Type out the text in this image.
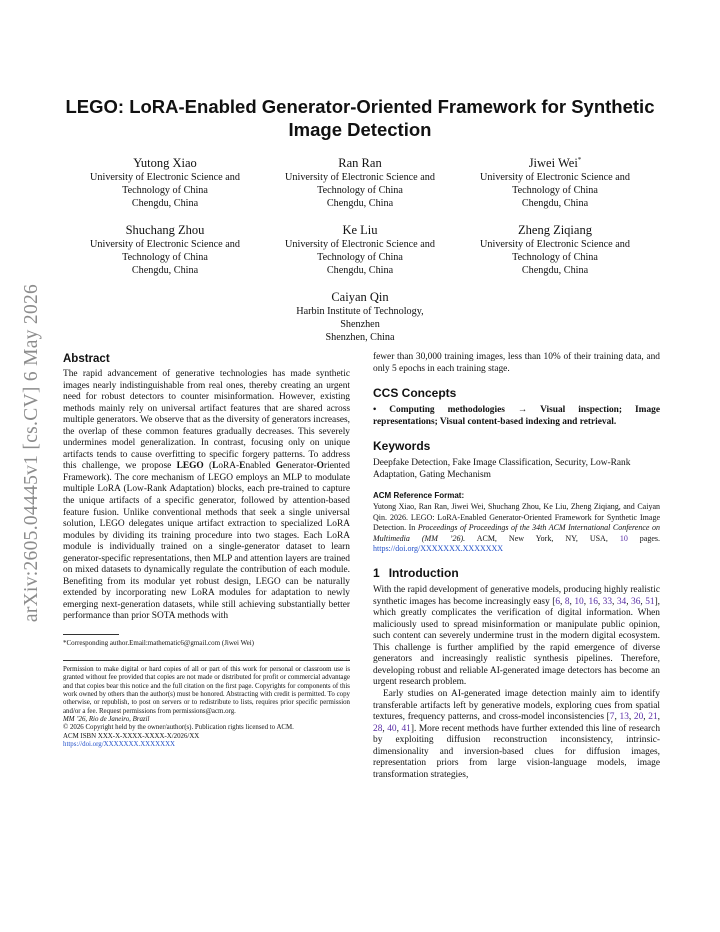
arXiv:2605.04445v1 [cs.CV] 6 May 2026
LEGO: LoRA-Enabled Generator-Oriented Framework for Synthetic Image Detection
Yutong Xiao
University of Electronic Science and Technology of China
Chengdu, China
Ran Ran
University of Electronic Science and Technology of China
Chengdu, China
Jiwei Wei*
University of Electronic Science and Technology of China
Chengdu, China
Shuchang Zhou
University of Electronic Science and Technology of China
Chengdu, China
Ke Liu
University of Electronic Science and Technology of China
Chengdu, China
Zheng Ziqiang
University of Electronic Science and Technology of China
Chengdu, China
Caiyan Qin
Harbin Institute of Technology, Shenzhen
Shenzhen, China
Abstract

The rapid advancement of generative technologies has made synthetic images nearly indistinguishable from real ones, thereby creating an urgent need for robust detectors to counter misinformation. However, existing methods mainly rely on universal artifact features that are shared across multiple generators. We observe that as the diversity of generators increases, the overlap of these common features gradually decreases. This severely undermines model generalization. In contrast, focusing only on unique artifacts tends to cause overfitting to specific forgery patterns. To address this challenge, we propose LEGO (LoRA-Enabled Generator-Oriented Framework). The core mechanism of LEGO employs an MLP to modulate multiple LoRA (Low-Rank Adaptation) blocks, each pre-trained to capture the unique artifacts of a specific generator, followed by attention-based feature fusion. Unlike conventional methods that seek a single universal solution, LEGO delegates unique artifact extraction to specialized LoRA modules by dividing its training procedure into two stages. Each LoRA module is individually trained on a single-generator dataset to learn generator-specific representations, then MLP and attention layers are trained on mixed datasets to dynamically regulate the contribution of each module. Benefiting from its modular yet robust design, LEGO can be naturally extended by incorporating new LoRA modules for adaptation to newly emerging next-generation datasets, while still achieving substantially better performance than prior SOTA methods with

*Corresponding author.Email:mathematic6@gmail.com (Jiwei Wei)

Permission to make digital or hard copies of all or part of this work for personal or classroom use is granted without fee provided that copies are not made or distributed for profit or commercial advantage and that copies bear this notice and the full citation on the first page. Copyrights for components of this work owned by others than the author(s) must be honored. Abstracting with credit is permitted. To copy otherwise, or republish, to post on servers or to redistribute to lists, requires prior specific permission and/or a fee. Request permissions from permissions@acm.org.

MM ’26, Rio de Janeiro, Brazil

© 2026 Copyright held by the owner/author(s). Publication rights licensed to ACM.

ACM ISBN XXX-X-XXXX-XXXX-X/2026/XX

https://doi.org/XXXXXXX.XXXXXXX

fewer than 30,000 training images, less than 10% of their training data, and only 5 epochs in each training stage.

CCS Concepts

• Computing methodologies → Visual inspection; Image representations; Visual content-based indexing and retrieval.

Keywords

Deepfake Detection, Fake Image Classification, Security, Low-Rank Adaptation, Gating Mechanism

ACM Reference Format:

Yutong Xiao, Ran Ran, Jiwei Wei, Shuchang Zhou, Ke Liu, Zheng Ziqiang, and Caiyan Qin. 2026. LEGO: LoRA-Enabled Generator-Oriented Framework for Synthetic Image Detection. In Proceedings of Proceedings of the 34th ACM International Conference on Multimedia (MM ’26). ACM, New York, NY, USA, 10 pages. https://doi.org/XXXXXXX.XXXXXXX

1 Introduction

With the rapid development of generative models, producing highly realistic synthetic images has become increasingly easy [6, 8, 10, 16, 33, 34, 36, 51], which greatly complicates the verification of digital information. When maliciously used to spread misinformation or manipulate public opinion, such content can severely undermine trust in the modern digital ecosystem. This challenge is further amplified by the rapid emergence of diverse generators and increasingly realistic synthesis pipelines. Therefore, developing robust and reliable AI-generated image detectors has become an urgent research problem.

Early studies on AI-generated image detection mainly aim to identify transferable artifacts left by generative models, exploring cues from spatial textures, frequency patterns, and cross-model inconsistencies [7, 13, 20, 21, 28, 40, 41]. More recent methods have further extended this line of research by exploiting diffusion reconstruction inconsistency, intrinsic-dimensionality and inversion-based clues for diffusion images, representation priors from large vision-language models, image transformation strategies,
